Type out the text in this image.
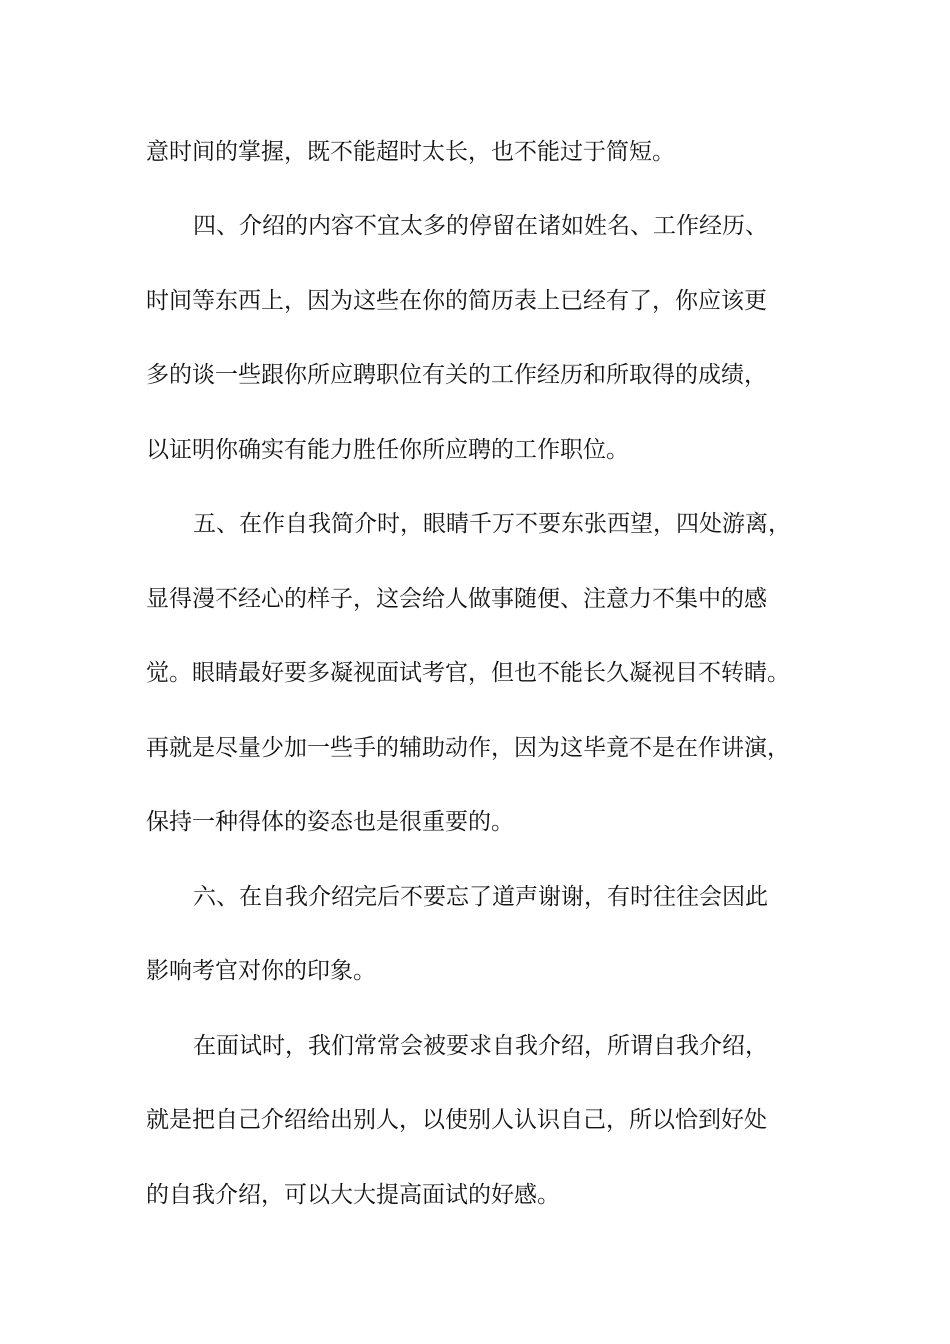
意时间的掌握，既不能超时太长，也不能过于简短。
四、介绍的内容不宜太多的停留在诸如姓名、工作经历、
时间等东西上，因为这些在你的简历表上已经有了，你应该更
多的谈一些跟你所应聘职位有关的工作经历和所取得的成绩，
以证明你确实有能力胜任你所应聘的工作职位。
五、在作自我简介时，眼睛千万不要东张西望，四处游离，
显得漫不经心的样子，这会给人做事随便、注意力不集中的感
觉。眼睛最好要多凝视面试考官，但也不能长久凝视目不转睛。
再就是尽量少加一些手的辅助动作，因为这毕竟不是在作讲演，
保持一种得体的姿态也是很重要的。
六、在自我介绍完后不要忘了道声谢谢，有时往往会因此
影响考官对你的印象。
在面试时，我们常常会被要求自我介绍，所谓自我介绍，
就是把自己介绍给出别人，以使别人认识自己，所以恰到好处
的自我介绍，可以大大提高面试的好感。
